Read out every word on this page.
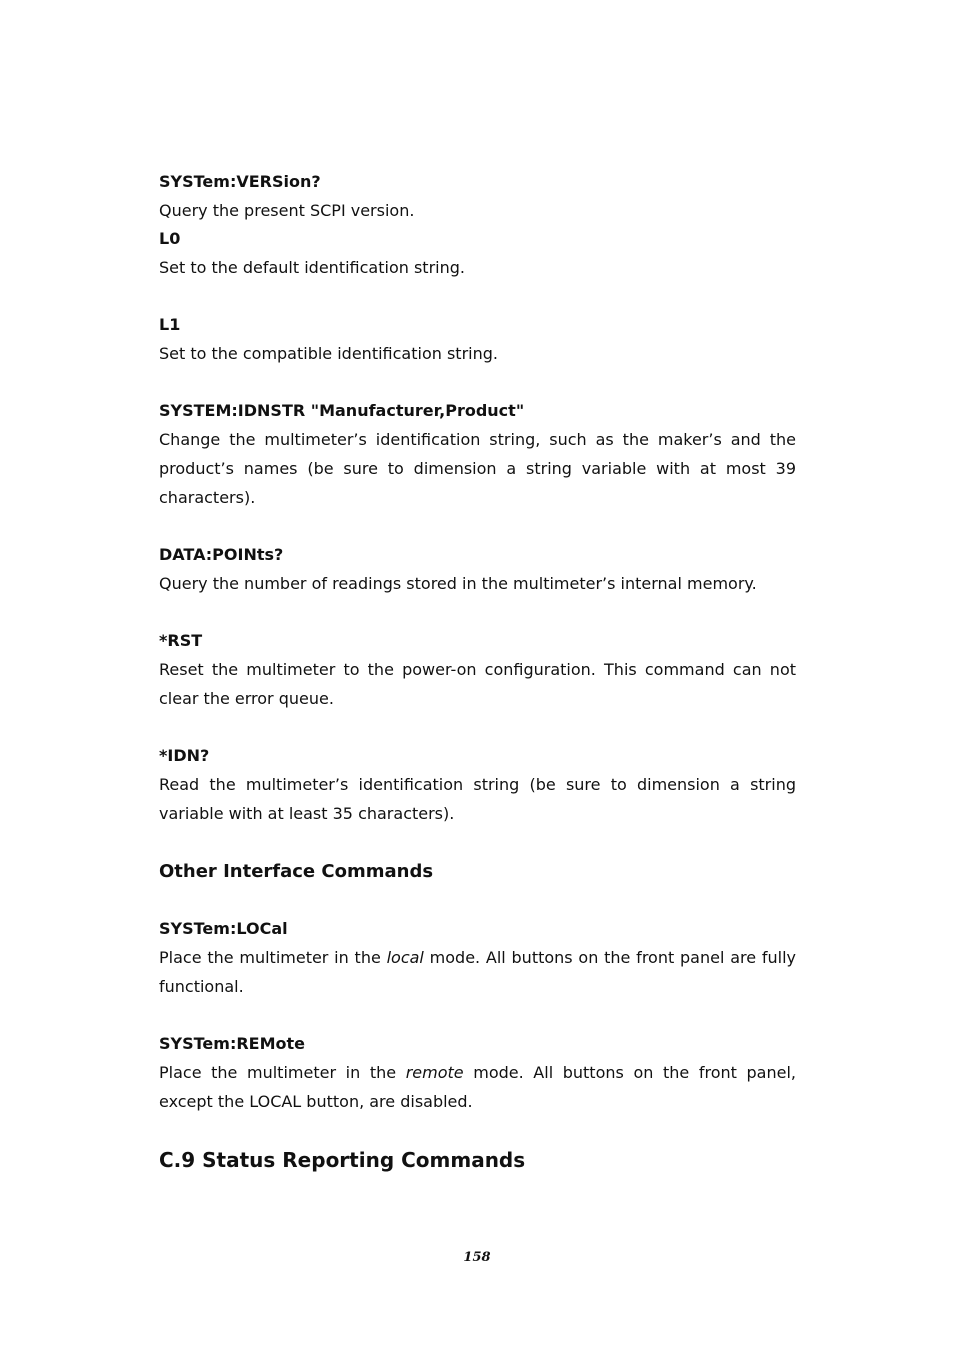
SYSTem:VERSion?

Query the present SCPI version.

L0

Set to the default identification string.

L1

Set to the compatible identification string.

SYSTEM:IDNSTR "Manufacturer,Product"

Change the multimeter’s identification string, such as the maker’s and the product’s names (be sure to dimension a string variable with at most 39 characters).

DATA:POINts?

Query the number of readings stored in the multimeter’s internal memory.

*RST

Reset the multimeter to the power-on configuration. This command can not clear the error queue.

*IDN?

Read the multimeter’s identification string (be sure to dimension a string variable with at least 35 characters).

Other Interface Commands

SYSTem:LOCal

Place the multimeter in the local mode. All buttons on the front panel are fully functional.

SYSTem:REMote

Place the multimeter in the remote mode. All buttons on the front panel, except the LOCAL button, are disabled.

C.9 Status Reporting Commands

158
